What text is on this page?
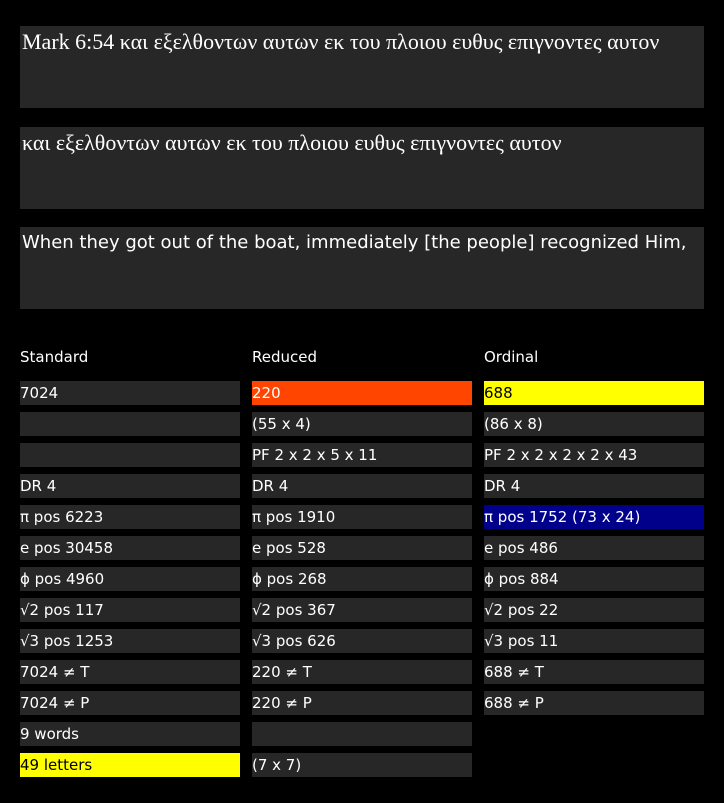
Mark 6:54 και εξελθοντων αυτων εκ του πλοιου ευθυς επιγνοντες αυτον
και εξελθοντων αυτων εκ του πλοιου ευθυς επιγνοντες αυτον
When they got out of the boat, immediately [the people] recognized Him,
Standard	Reduced	Ordinal
7024
DR 4
π pos 6223
e pos 30458
ϕ pos 4960
√2 pos 117
√3 pos 1253
7024 ≠ T
7024 ≠ P
9 words
49 letters
220
(55 x 4)
PF 2 x 2 x 5 x 11
DR 4
π pos 1910
e pos 528
ϕ pos 268
√2 pos 367
√3 pos 626
220 ≠ T
220 ≠ P
(7 x 7)
688
(86 x 8)
PF 2 x 2 x 2 x 2 x 43
DR 4
π pos 1752 (73 x 24)
e pos 486
ϕ pos 884
√2 pos 22
√3 pos 11
688 ≠ T
688 ≠ P
